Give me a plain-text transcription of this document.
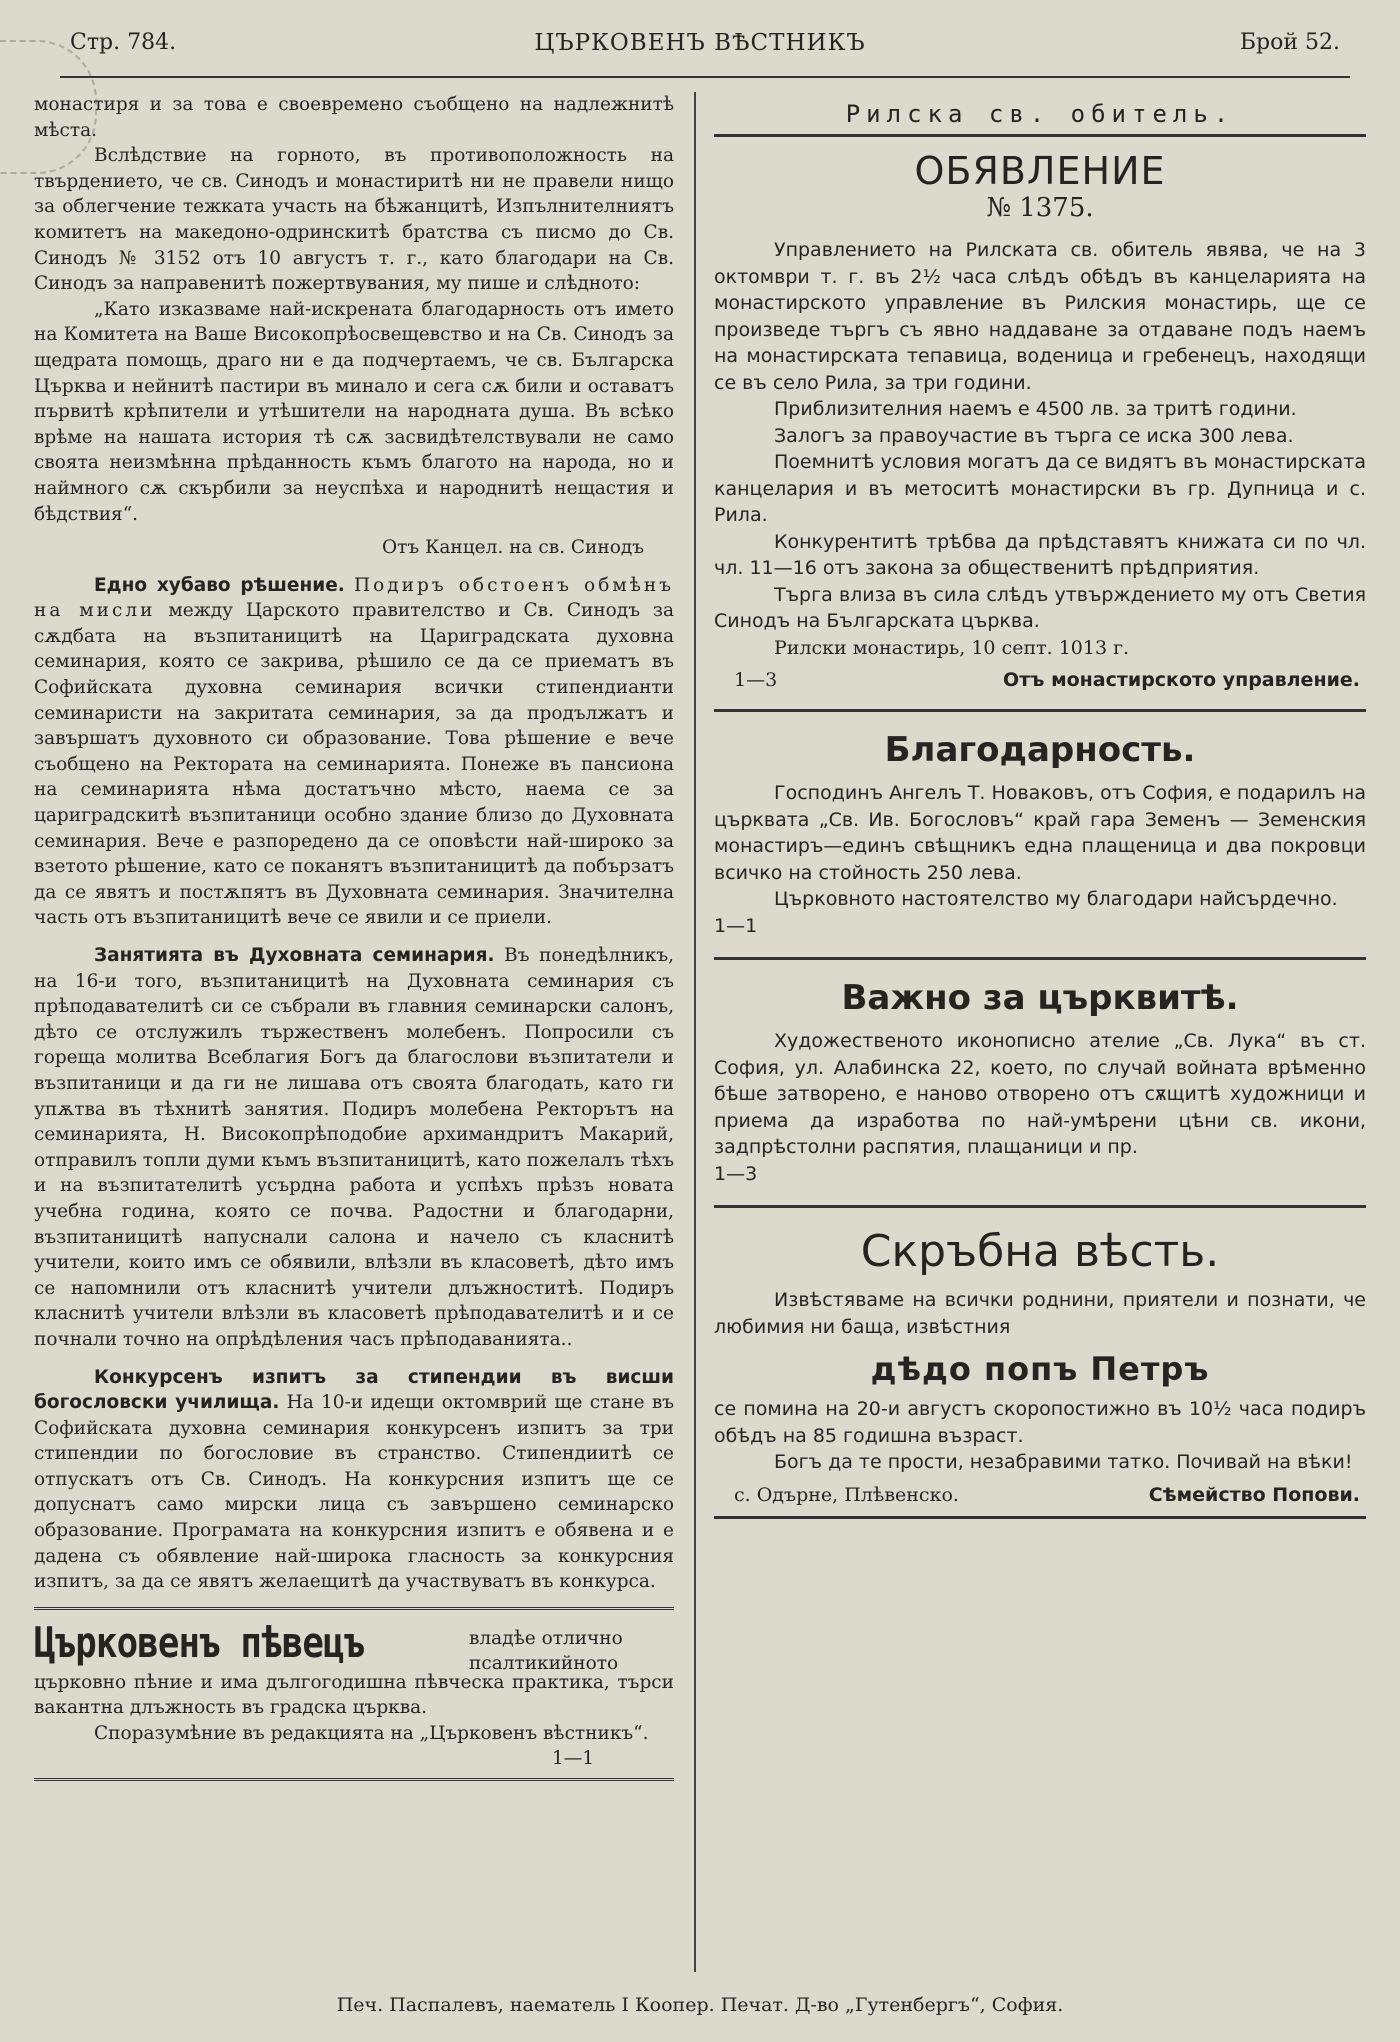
Стр. 784.	ЦЪРКОВЕНЪ ВѢСТНИКЪ	Брой 52.

монастиря и за това е своевремено съобщено на надлежнитѣ мѣста.

Вслѣдствие на горното, въ противоположность на твърдението, че св. Синодъ и монастиритѣ ни не правели нищо за облегчение тежката участь на бѣжанцитѣ, Изпълнителниятъ комитетъ на македоно-одринскитѣ братства съ писмо до Св. Синодъ № 3152 отъ 10 августъ т. г., като благодари на Св. Синодъ за направенитѣ пожертвувания, му пише и слѣдното:

„Като изказваме най-искрената благодарность отъ името на Комитета на Ваше Високопрѣосвещевство и на Св. Синодъ за щедрата помощь, драго ни е да подчертаемъ, че св. Българска Църква и нейнитѣ пастири въ минало и сега сѫ били и оставатъ първитѣ крѣпители и утѣшители на народната душа. Въ всѣко врѣме на нашата история тѣ сѫ засвидѣтелствували не само своята неизмѣнна прѣданность къмъ благото на народа, но и наймного сѫ скърбили за неуспѣха и народнитѣ нещастия и бѣдствия“.

Отъ Канцел. на св. Синодъ

Едно хубаво рѣшение. Подиръ обстоенъ обмѣнъ на мисли между Царското правителство и Св. Синодъ за сѫдбата на възпитаницитѣ на Цариградската духовна семинария, която се закрива, рѣшило се да се приематъ въ Софийската духовна семинария всички стипендианти семинаристи на закритата семинария, за да продължатъ и завършатъ духовното си образование. Това рѣшение е вече съобщено на Ректората на семинарията. Понеже въ пансиона на семинарията нѣма достатъчно мѣсто, наема се за цариградскитѣ възпитаници особно здание близо до Духовната семинария. Вече е разпоредено да се оповѣсти най-широко за взетото рѣшение, като се поканятъ възпитаницитѣ да побързатъ да се явятъ и постѫпятъ въ Духовната семинария. Значителна часть отъ възпитаницитѣ вече се явили и се приели.

Занятията въ Духовната семинария. Въ понедѣлникъ, на 16-и того, възпитаницитѣ на Духовната семинария съ прѣподавателитѣ си се събрали въ главния семинарски салонъ, дѣто се отслужилъ тържественъ молебенъ. Попросили съ гореща молитва Всеблагия Богъ да благослови възпитатели и възпитаници и да ги не лишава отъ своята благодать, като ги упѫтва въ тѣхнитѣ занятия. Подиръ молебена Ректорътъ на семинарията, Н. Високопрѣподобие архимандритъ Макарий, отправилъ топли думи къмъ възпитаницитѣ, като пожелалъ тѣхъ и на възпитателитѣ усърдна работа и успѣхъ прѣзъ новата учебна година, която се почва. Радостни и благодарни, възпитаницитѣ напуснали салона и начело съ класнитѣ учители, които имъ се обявили, влѣзли въ класоветѣ, дѣто имъ се напомнили отъ класнитѣ учители длъжноститѣ. Подиръ класнитѣ учители влѣзли въ класоветѣ прѣподавателитѣ и и се почнали точно на опрѣдѣления часъ прѣподаванията..

Конкурсенъ изпитъ за стипендии въ висши богословски училища. На 10-и идещи октомврий ще стане въ Софийската духовна семинария конкурсенъ изпитъ за три стипендии по богословие въ странство. Стипендиитѣ се отпускатъ отъ Св. Синодъ. На конкурсния изпитъ ще се допуснатъ само мирски лица съ завършено семинарско образование. Програмата на конкурсния изпитъ е обявена и е дадена съ обявление най-широка гласность за конкурсния изпитъ, за да се явятъ желаещитѣ да участвуватъ въ конкурса.

Църковенъ пѣвецъ	владѣе отлично псалтикийното

църковно пѣние и има дългогодишна пѣвческа практика, търси вакантна длъжность въ градска църква.

Споразумѣние въ редакцията на „Църковенъ вѣстникъ“.

1—1

Рилска св. обитель.
ОБЯВЛЕНИЕ
№ 1375.

Управлението на Рилската св. обитель явява, че на 3 октомври т. г. въ 2½ часа слѣдъ обѣдъ въ канцеларията на монастирското управление въ Рилския монастирь, ще се произведе търгъ съ явно наддаване за отдаване подъ наемъ на монастирската тепавица, воденица и гребенецъ, находящи се въ село Рила, за три години.

Приблизителния наемъ е 4500 лв. за тритѣ години.

Залогъ за правоучастие въ търга се иска 300 лева.

Поемнитѣ условия могатъ да се видятъ въ монастирската канцелария и въ метоситѣ монастирски въ гр. Дупница и с. Рила.

Конкурентитѣ трѣбва да прѣдставятъ книжата си по чл. чл. 11—16 отъ закона за общественитѣ прѣдприятия.

Търга влиза въ сила слѣдъ утвърждението му отъ Светия Синодъ на Българската църква.

Рилски монастирь, 10 септ. 1013 г.

1—3	Отъ монастирското управление.
Благодарность.

Господинъ Ангелъ Т. Новаковъ, отъ София, е подарилъ на църквата „Св. Ив. Богословъ“ край гара Земенъ — Земенския монастиръ—единъ свѣщникъ една плащеница и два покровци всичко на стойность 250 лева.

Църковното настоятелство му благодари найсърдечно.

1—1

Важно за църквитѣ.

Художественото иконописно ателие „Св. Лука“ въ ст. София, ул. Алабинска 22, което, по случай войната врѣменно бѣше затворено, е наново отворено отъ сѫщитѣ художници и приема да изработва по най-умѣрени цѣни св. икони, задпрѣстолни распятия, плащаници и пр.

1—3

Скръбна вѣсть.

Извѣстяваме на всички роднини, приятели и познати, че любимия ни баща, извѣстния

дѣдо попъ Петръ

се помина на 20-и августъ скоропостижно въ 10½ часа подиръ обѣдъ на 85 годишна възраст.

Богъ да те прости, незабравими татко. Почивай на вѣки!

с. Одърне, Плѣвенско.	Сѣмейство Попови.
Печ. Паспалевъ, наематель I Коопер. Печат. Д-во „Гутенбергъ“, София.
